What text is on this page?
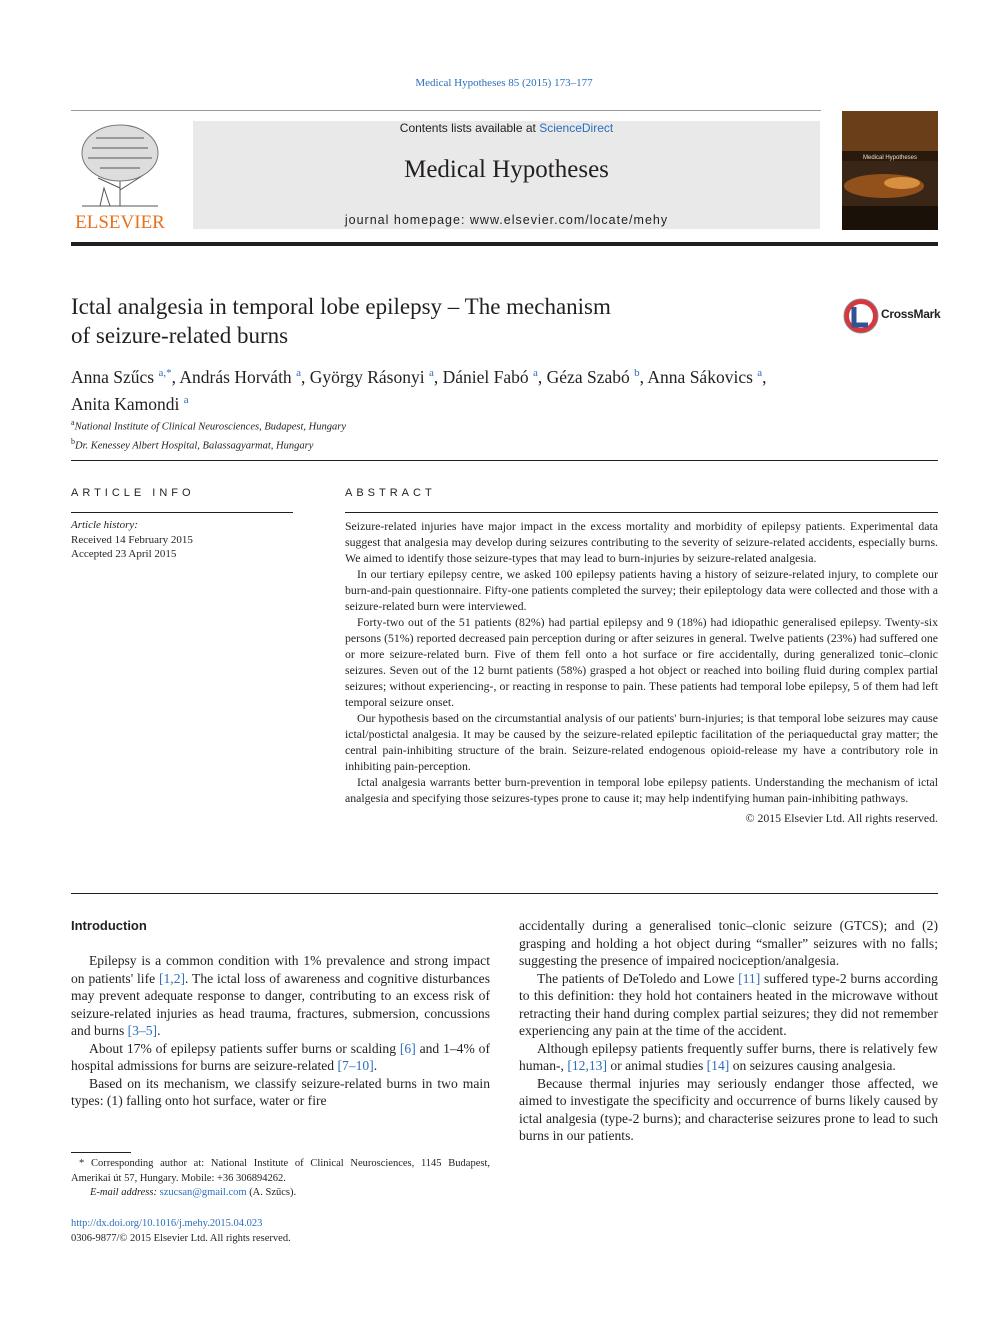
Medical Hypotheses 85 (2015) 173–177
ELSEVIER
Contents lists available at ScienceDirect
Medical Hypotheses
journal homepage: www.elsevier.com/locate/mehy
Medical Hypotheses
Ictal analgesia in temporal lobe epilepsy – The mechanism
of seizure-related burns
CrossMark
Anna Szűcs $^{a,*}$, András Horváth $^a$, György Rásonyi $^a$, Dániel Fabó $^a$, Géza Szabó $^b$, Anna Sákovics $^a$,
Anita Kamondi $^a$
$^a$National Institute of Clinical Neurosciences, Budapest, Hungary
$^b$Dr. Kenessey Albert Hospital, Balassagyarmat, Hungary
ARTICLE INFO
Article history:
Received 14 February 2015
Accepted 23 April 2015
ABSTRACT

Seizure-related injuries have major impact in the excess mortality and morbidity of epilepsy patients. Experimental data suggest that analgesia may develop during seizures contributing to the severity of seizure-related accidents, especially burns. We aimed to identify those seizure-types that may lead to burn-injuries by seizure-related analgesia.

In our tertiary epilepsy centre, we asked 100 epilepsy patients having a history of seizure-related injury, to complete our burn-and-pain questionnaire. Fifty-one patients completed the survey; their epileptology data were collected and those with a seizure-related burn were interviewed.

Forty-two out of the 51 patients (82%) had partial epilepsy and 9 (18%) had idiopathic generalised epilepsy. Twenty-six persons (51%) reported decreased pain perception during or after seizures in general. Twelve patients (23%) had suffered one or more seizure-related burn. Five of them fell onto a hot surface or fire accidentally, during generalized tonic–clonic seizures. Seven out of the 12 burnt patients (58%) grasped a hot object or reached into boiling fluid during complex partial seizures; without experiencing-, or reacting in response to pain. These patients had temporal lobe epilepsy, 5 of them had left temporal seizure onset.

Our hypothesis based on the circumstantial analysis of our patients' burn-injuries; is that temporal lobe seizures may cause ictal/postictal analgesia. It may be caused by the seizure-related epileptic facilitation of the periaqueductal gray matter; the central pain-inhibiting structure of the brain. Seizure-related endogenous opioid-release my have a contributory role in inhibiting pain-perception.

Ictal analgesia warrants better burn-prevention in temporal lobe epilepsy patients. Understanding the mechanism of ictal analgesia and specifying those seizures-types prone to cause it; may help indentifying human pain-inhibiting pathways.

© 2015 Elsevier Ltd. All rights reserved.

Introduction

Epilepsy is a common condition with 1% prevalence and strong impact on patients' life [1,2]. The ictal loss of awareness and cognitive disturbances may prevent adequate response to danger, contributing to an excess risk of seizure-related injuries as head trauma, fractures, submersion, concussions and burns [3–5].

About 17% of epilepsy patients suffer burns or scalding [6] and 1–4% of hospital admissions for burns are seizure-related [7–10].

Based on its mechanism, we classify seizure-related burns in two main types: (1) falling onto hot surface, water or fire

accidentally during a generalised tonic–clonic seizure (GTCS); and (2) grasping and holding a hot object during “smaller” seizures with no falls; suggesting the presence of impaired nociception/analgesia.

The patients of DeToledo and Lowe [11] suffered type-2 burns according to this definition: they hold hot containers heated in the microwave without retracting their hand during complex partial seizures; they did not remember experiencing any pain at the time of the accident.

Although epilepsy patients frequently suffer burns, there is relatively few human-, [12,13] or animal studies [14] on seizures causing analgesia.

Because thermal injuries may seriously endanger those affected, we aimed to investigate the specificity and occurrence of burns likely caused by ictal analgesia (type-2 burns); and characterise seizures prone to lead to such burns in our patients.

* Corresponding author at: National Institute of Clinical Neurosciences, 1145 Budapest, Amerikai út 57, Hungary. Mobile: +36 306894262.
E-mail address: szucsan@gmail.com (A. Szűcs).
http://dx.doi.org/10.1016/j.mehy.2015.04.023
0306-9877/© 2015 Elsevier Ltd. All rights reserved.
